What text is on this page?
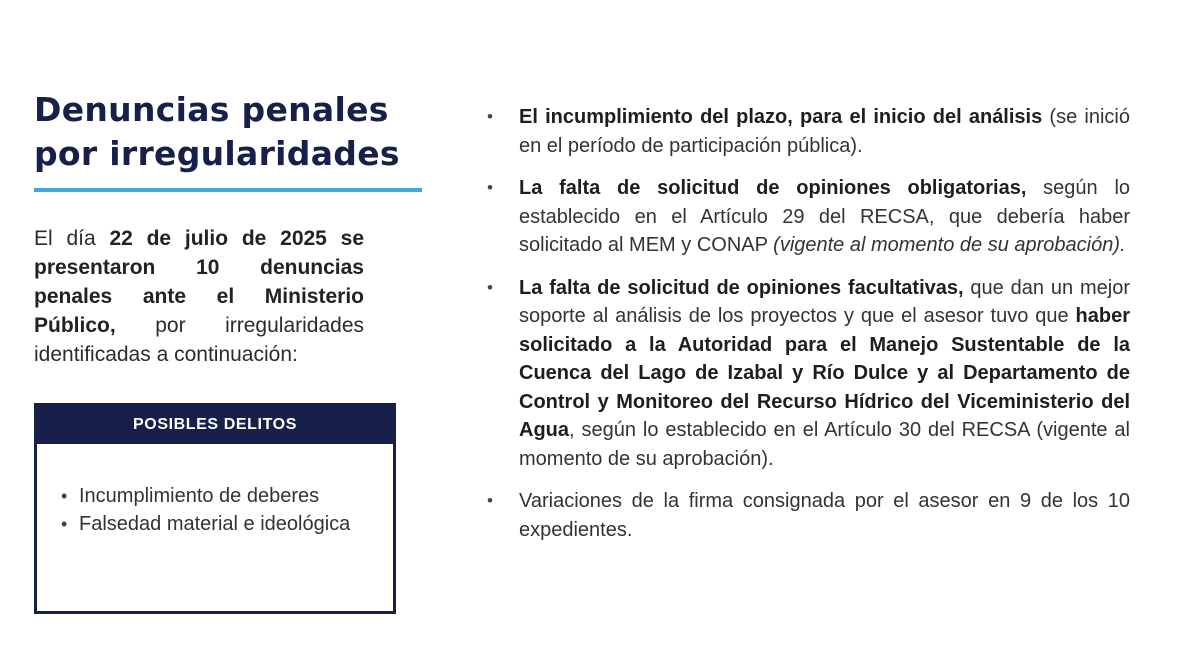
Denuncias penales
por irregularidades

El día 22 de julio de 2025 se presentaron 10 denuncias penales ante el Ministerio Público, por irregularidades identificadas a continuación:

POSIBLES DELITOS
• Incumplimiento de deberes
• Falsedad material e ideológica
• El incumplimiento del plazo, para el inicio del análisis (se inició en el período de participación pública).
• La falta de solicitud de opiniones obligatorias, según lo establecido en el Artículo 29 del RECSA, que debería haber solicitado al MEM y CONAP (vigente al momento de su aprobación).
• La falta de solicitud de opiniones facultativas, que dan un mejor soporte al análisis de los proyectos y que el asesor tuvo que haber solicitado a la Autoridad para el Manejo Sustentable de la Cuenca del Lago de Izabal y Río Dulce y al Departamento de Control y Monitoreo del Recurso Hídrico del Viceministerio del Agua, según lo establecido en el Artículo 30 del RECSA (vigente al momento de su aprobación).
• Variaciones de la firma consignada por el asesor en 9 de los 10 expedientes.
